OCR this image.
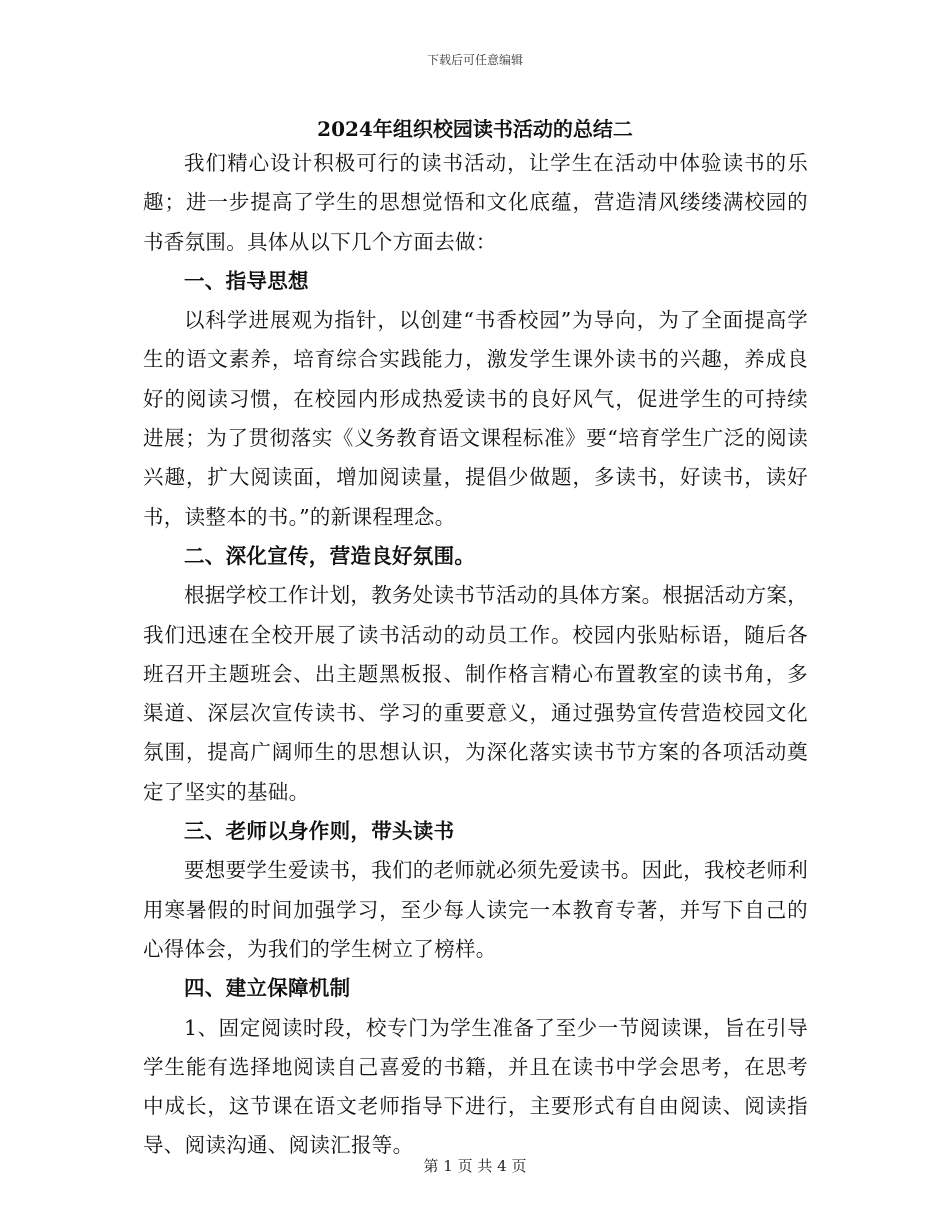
下载后可任意编辑
2024年组织校园读书活动的总结二

我们精心设计积极可行的读书活动，让学生在活动中体验读书的乐趣；进一步提高了学生的思想觉悟和文化底蕴，营造清风缕缕满校园的书香氛围。具体从以下几个方面去做：

一、指导思想

以科学进展观为指针，以创建“书香校园”为导向，为了全面提高学生的语文素养，培育综合实践能力，激发学生课外读书的兴趣，养成良好的阅读习惯，在校园内形成热爱读书的良好风气，促进学生的可持续进展；为了贯彻落实《义务教育语文课程标准》要“培育学生广泛的阅读兴趣，扩大阅读面，增加阅读量，提倡少做题，多读书，好读书，读好书，读整本的书。”的新课程理念。

二、深化宣传，营造良好氛围。

根据学校工作计划，教务处读书节活动的具体方案。根据活动方案，我们迅速在全校开展了读书活动的动员工作。校园内张贴标语，随后各班召开主题班会、出主题黑板报、制作格言精心布置教室的读书角，多渠道、深层次宣传读书、学习的重要意义，通过强势宣传营造校园文化氛围，提高广阔师生的思想认识，为深化落实读书节方案的各项活动奠定了坚实的基础。

三、老师以身作则，带头读书

要想要学生爱读书，我们的老师就必须先爱读书。因此，我校老师利用寒暑假的时间加强学习，至少每人读完一本教育专著，并写下自己的心得体会，为我们的学生树立了榜样。

四、建立保障机制

1、固定阅读时段，校专门为学生准备了至少一节阅读课，旨在引导学生能有选择地阅读自己喜爱的书籍，并且在读书中学会思考，在思考中成长，这节课在语文老师指导下进行，主要形式有自由阅读、阅读指导、阅读沟通、阅读汇报等。

第 1 页 共 4 页
